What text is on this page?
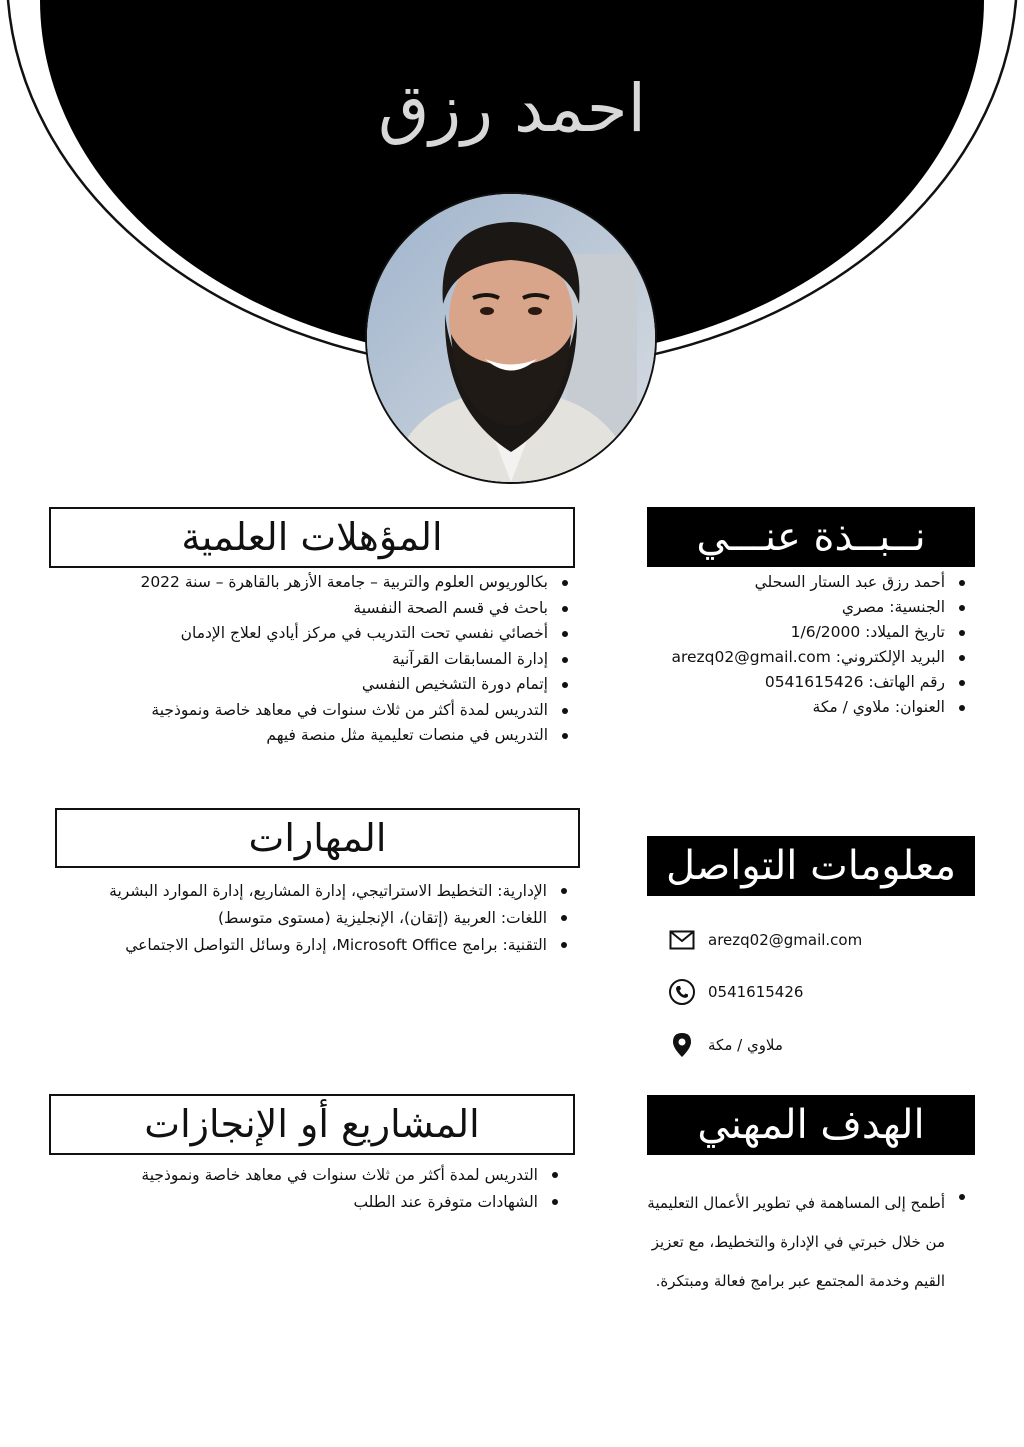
احمد رزق
نــبــذة عنـــي
أحمد رزق عبد الستار السحلي
الجنسية: مصري
تاريخ الميلاد: 1/6/2000
البريد الإلكتروني: arezq02@gmail.com
رقم الهاتف: 0541615426
العنوان: ملاوي / مكة
المؤهلات العلمية
بكالوريوس العلوم والتربية – جامعة الأزهر بالقاهرة – سنة 2022
باحث في قسم الصحة النفسية
أخصائي نفسي تحت التدريب في مركز أيادي لعلاج الإدمان
إدارة المسابقات القرآنية
إتمام دورة التشخيص النفسي
التدريس لمدة أكثر من ثلاث سنوات في معاهد خاصة ونموذجية
التدريس في منصات تعليمية مثل منصة فيهم
المهارات
الإدارية: التخطيط الاستراتيجي، إدارة المشاريع، إدارة الموارد البشرية
اللغات: العربية (إتقان)، الإنجليزية (مستوى متوسط)
التقنية: برامج Microsoft Office، إدارة وسائل التواصل الاجتماعي
معلومات التواصل
arezq02@gmail.com
0541615426
ملاوي / مكة
المشاريع أو الإنجازات
التدريس لمدة أكثر من ثلاث سنوات في معاهد خاصة ونموذجية
الشهادات متوفرة عند الطلب
الهدف المهني
أطمح إلى المساهمة في تطوير الأعمال التعليمية من خلال خبرتي في الإدارة والتخطيط، مع تعزيز القيم وخدمة المجتمع عبر برامج فعالة ومبتكرة.
